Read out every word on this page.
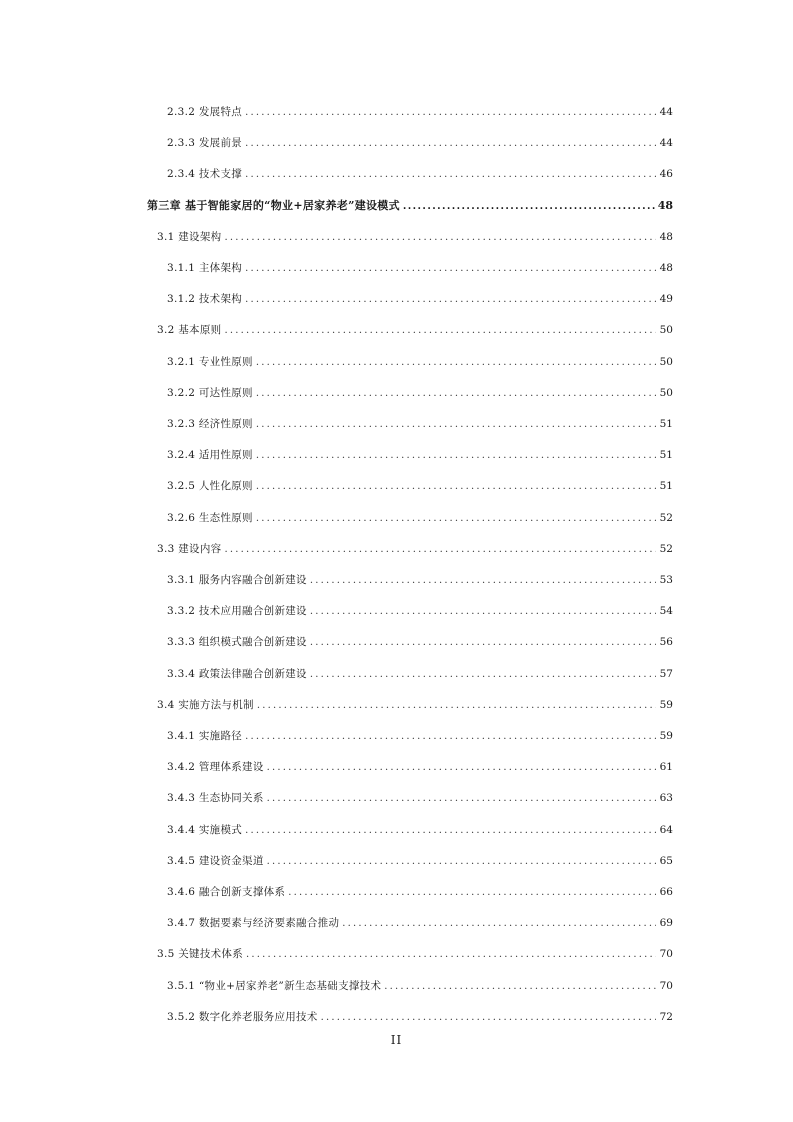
2.3.2 发展特点 .....	44
2.3.3 发展前景 .....	44
2.3.4 技术支撑 .....	46
第三章 基于智能家居的“物业+居家养老”建设模式 .....	48
3.1 建设架构 .....	48
3.1.1 主体架构 .....	48
3.1.2 技术架构 .....	49
3.2 基本原则 .....	50
3.2.1 专业性原则 .....	50
3.2.2 可达性原则 .....	50
3.2.3 经济性原则 .....	51
3.2.4 适用性原则 .....	51
3.2.5 人性化原则 .....	51
3.2.6 生态性原则 .....	52
3.3 建设内容 .....	52
3.3.1 服务内容融合创新建设 .....	53
3.3.2 技术应用融合创新建设 .....	54
3.3.3 组织模式融合创新建设 .....	56
3.3.4 政策法律融合创新建设 .....	57
3.4 实施方法与机制 .....	59
3.4.1 实施路径 .....	59
3.4.2 管理体系建设 .....	61
3.4.3 生态协同关系 .....	63
3.4.4 实施模式 .....	64
3.4.5 建设资金渠道 .....	65
3.4.6 融合创新支撑体系 .....	66
3.4.7 数据要素与经济要素融合推动 .....	69
3.5 关键技术体系 .....	70
3.5.1 “物业+居家养老”新生态基础支撑技术 .....	70
3.5.2 数字化养老服务应用技术 .....	72
II
